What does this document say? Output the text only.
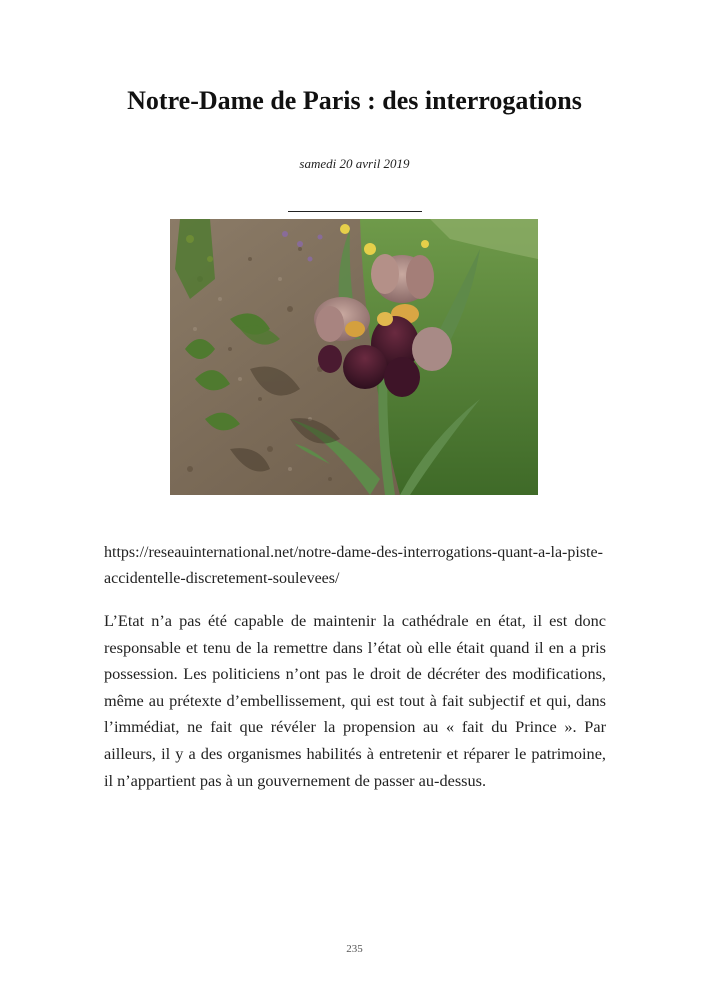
Notre-Dame de Paris : des interrogations
samedi 20 avril 2019
https://reseauinternational.net/notre-dame-des-interrogations-quant-a-la-piste-accidentelle-discretement-soulevees/

L’Etat n’a pas été capable de maintenir la cathédrale en état, il est donc responsable et tenu de la remettre dans l’état où elle était quand il en a pris possession. Les politiciens n’ont pas le droit de décréter des modifications, même au prétexte d’embellissement, qui est tout à fait subjectif et qui, dans l’immédiat, ne fait que révéler la propension au « fait du Prince ». Par ailleurs, il y a des organismes habilités à entretenir et réparer le patrimoine, il n’appartient pas à un gouvernement de passer au-dessus.

235
